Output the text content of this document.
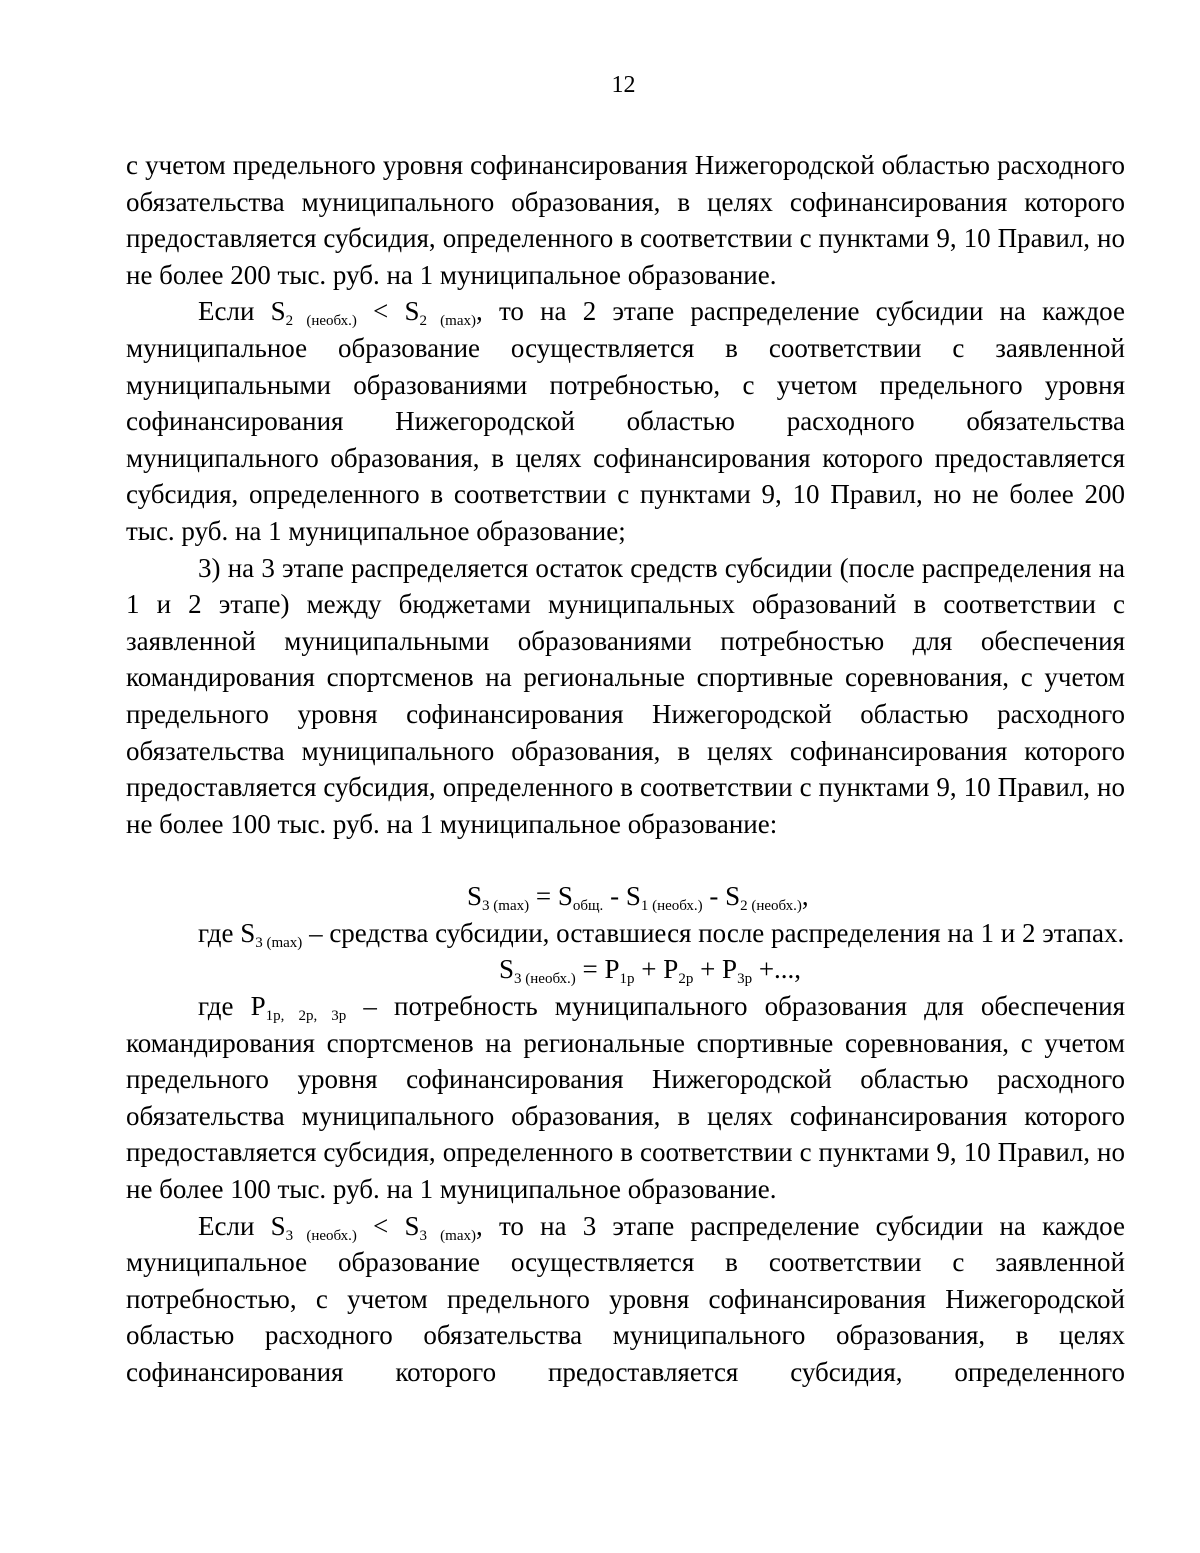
12

с учетом предельного уровня софинансирования Нижегородской областью расходного обязательства муниципального образования, в целях софинансирования которого предоставляется субсидия, определенного в соответствии с пунктами 9, 10 Правил, но не более 200 тыс. руб. на 1 муниципальное образование.

Если $S_{2 (необх.)} < S_{2 (max)}$, то на 2 этапе распределение субсидии на каждое муниципальное образование осуществляется в соответствии с заявленной муниципальными образованиями потребностью, с учетом предельного уровня софинансирования Нижегородской областью расходного обязательства муниципального образования, в целях софинансирования которого предоставляется субсидия, определенного в соответствии с пунктами 9, 10 Правил, но не более 200 тыс. руб. на 1 муниципальное образование;

3) на 3 этапе распределяется остаток средств субсидии (после распределения на 1 и 2 этапе) между бюджетами муниципальных образований в соответствии с заявленной муниципальными образованиями потребностью для обеспечения командирования спортсменов на региональные спортивные соревнования, с учетом предельного уровня софинансирования Нижегородской областью расходного обязательства муниципального образования, в целях софинансирования которого предоставляется субсидия, определенного в соответствии с пунктами 9, 10 Правил, но не более 100 тыс. руб. на 1 муниципальное образование:

$S_{3 (max)} = S_{общ.} - S_{1 (необх.)} - S_{2 (необх.)}$,

где $S_{3 (max)}$ – средства субсидии, оставшиеся после распределения на 1 и 2 этапах.

$S_{3 (необх.)} = P_{1р} + P_{2р} + P_{3р}$ +...,

где $P_{1р, 2р, 3р}$ – потребность муниципального образования для обеспечения командирования спортсменов на региональные спортивные соревнования, с учетом предельного уровня софинансирования Нижегородской областью расходного обязательства муниципального образования, в целях софинансирования которого предоставляется субсидия, определенного в соответствии с пунктами 9, 10 Правил, но не более 100 тыс. руб. на 1 муниципальное образование.

Если $S_{3 (необх.)} < S_{3 (max)}$, то на 3 этапе распределение субсидии на каждое муниципальное образование осуществляется в соответствии с заявленной потребностью, с учетом предельного уровня софинансирования Нижегородской областью расходного обязательства муниципального образования, в целях софинансирования которого предоставляется субсидия, определенного
